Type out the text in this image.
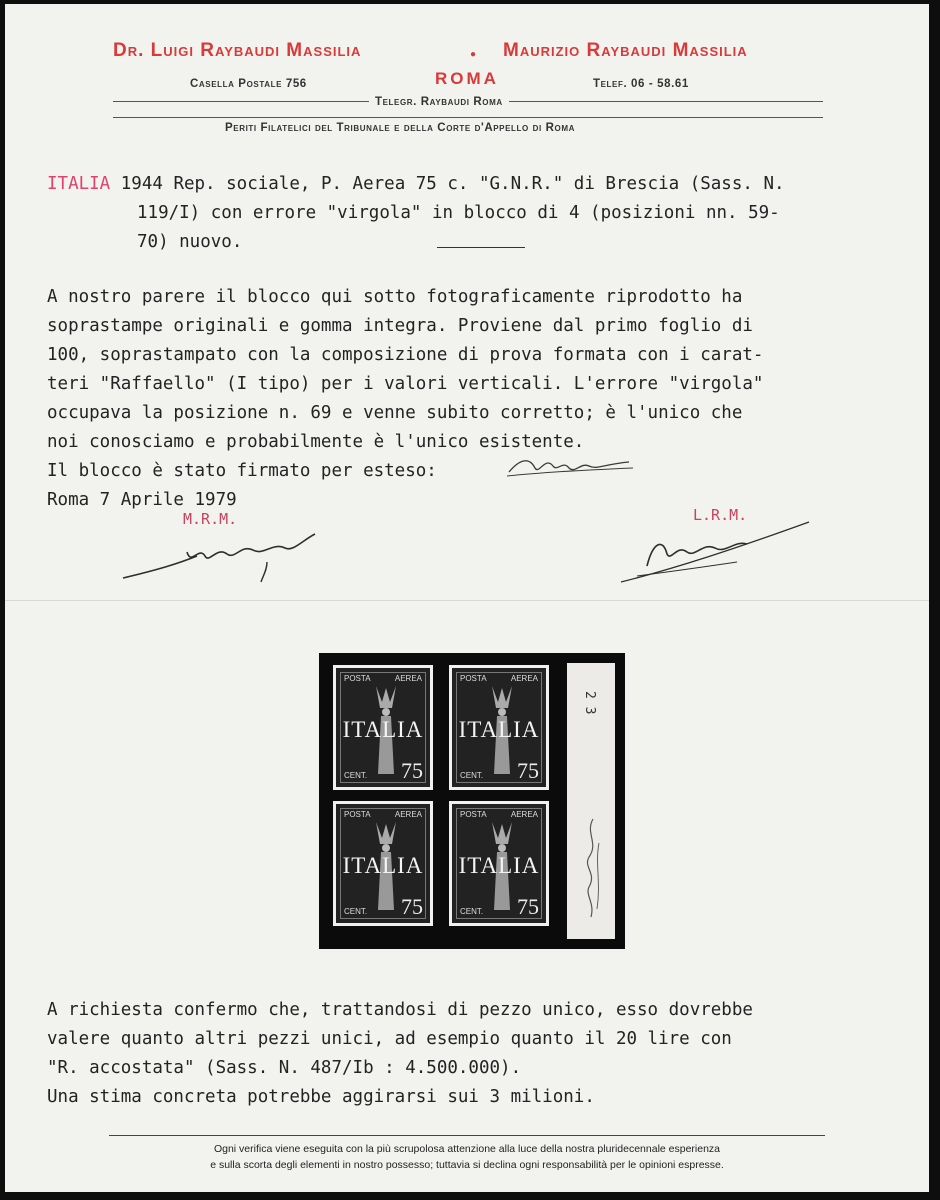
Dr. Luigi Raybaudi Massilia	● Maurizio Raybaudi Massilia
ROMA
Casella Postale 756	Telef. 06 - 58.61
Telegr. Raybaudi Roma
Periti Filatelici del Tribunale e della Corte d'Appello di Roma
ITALIA 1944 Rep. sociale, P. Aerea 75 c. "G.N.R." di Brescia (Sass. N.
119/I) con errore "virgola" in blocco di 4 (posizioni nn. 59-
70) nuovo.
A nostro parere il blocco qui sotto fotograficamente riprodotto ha
soprastampe originali e gomma integra. Proviene dal primo foglio di
100, soprastampato con la composizione di prova formata con i carat-
teri "Raffaello" (I tipo) per i valori verticali. L'errore "virgola"
occupava la posizione n. 69 e venne subito corretto; è l'unico che
noi conosciamo e probabilmente è l'unico esistente.
Il blocco è stato firmato per esteso:
Roma 7 Aprile 1979
M.R.M.	L.R.M.
2 3
POSTA	AEREA
ITALIA
CENT. 75
POSTA	AEREA
ITALIA
CENT. 75
POSTA	AEREA
ITALIA
CENT. 75
POSTA	AEREA
ITALIA
CENT. 75
A richiesta confermo che, trattandosi di pezzo unico, esso dovrebbe
valere quanto altri pezzi unici, ad esempio quanto il 20 lire con
"R. accostata" (Sass. N. 487/Ib : 4.500.000).
Una stima concreta potrebbe aggirarsi sui 3 milioni.
Ogni verifica viene eseguita con la più scrupolosa attenzione alla luce della nostra pluridecennale esperienza
e sulla scorta degli elementi in nostro possesso; tuttavia si declina ogni responsabilità per le opinioni espresse.
